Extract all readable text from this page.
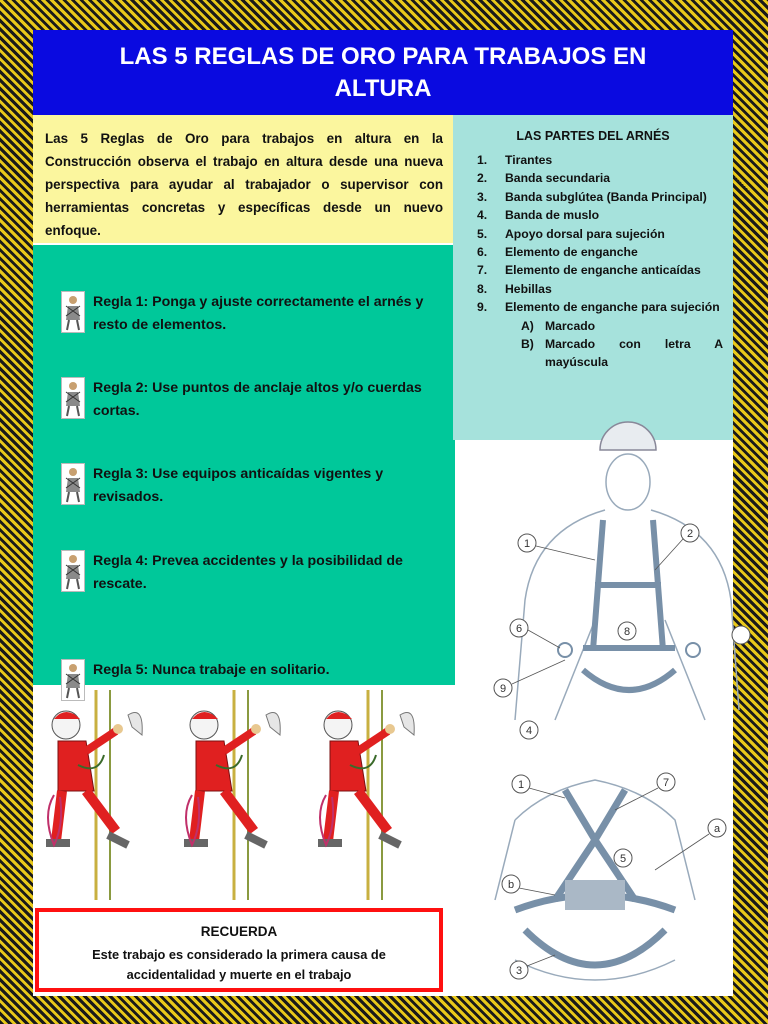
LAS 5 REGLAS DE ORO PARA TRABAJOS EN ALTURA
Las 5 Reglas de Oro para trabajos en altura en la Construcción observa el trabajo en altura desde una nueva perspectiva para ayudar al trabajador o supervisor con herramientas concretas y específicas desde un nuevo enfoque.
Regla 1: Ponga y ajuste correctamente el arnés y resto de elementos.
Regla 2: Use puntos de anclaje altos y/o cuerdas cortas.
Regla 3: Use equipos anticaídas vigentes y revisados.
Regla 4: Prevea accidentes y la posibilidad de rescate.
Regla 5: Nunca trabaje en solitario.
LAS PARTES DEL ARNÉS
1.	Tirantes
2.	Banda secundaria
3.	Banda subglútea (Banda Principal)
4.	Banda de muslo
5.	Apoyo dorsal para sujeción
6.	Elemento de enganche
7.	Elemento de enganche anticaídas
8.	Hebillas
9.	Elemento de enganche para sujeción
A) Marcado
B) Marcado con letra A mayúscula
1
2
6	8
9
4
1	7
a
5
b
3
RECUERDA
Este trabajo es considerado la primera causa de accidentalidad y muerte en el trabajo
